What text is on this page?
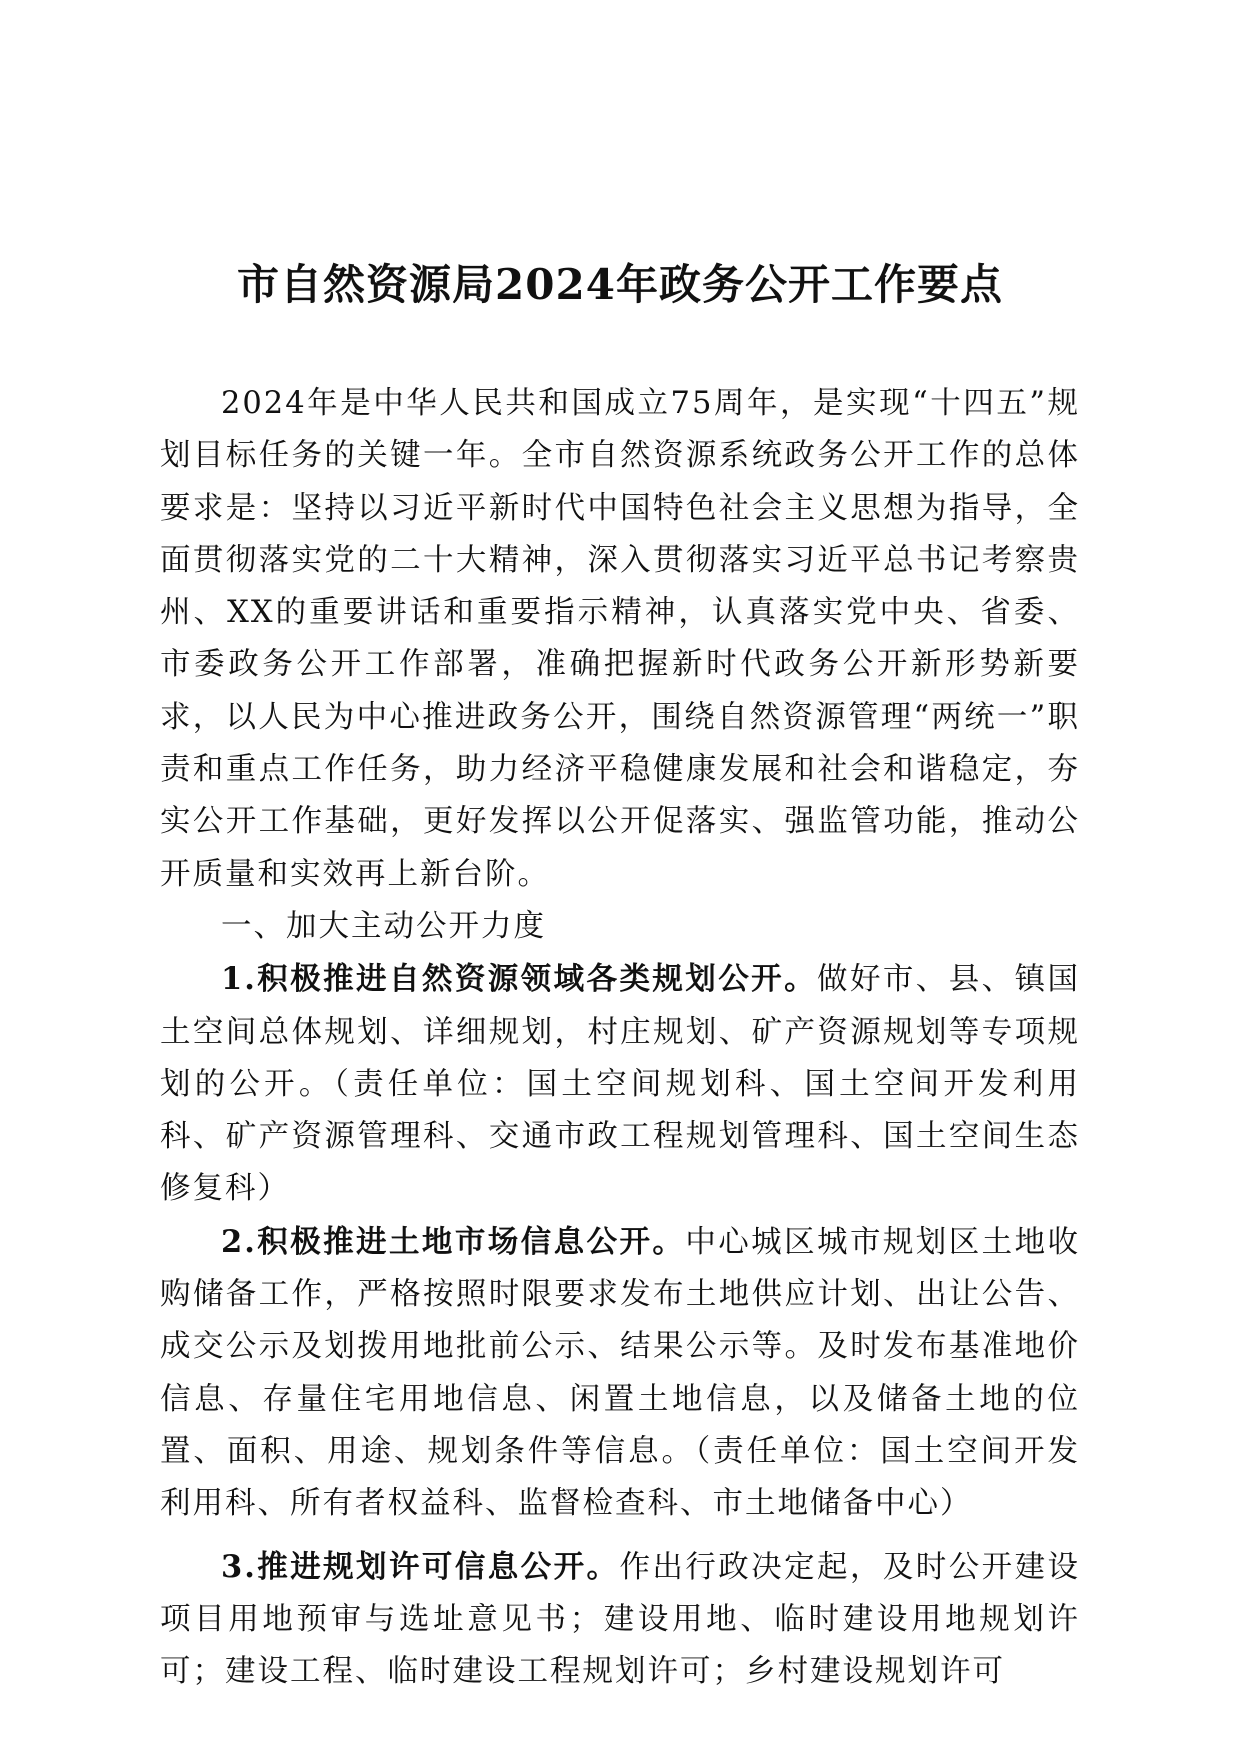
市自然资源局2024年政务公开工作要点

2024年是中华人民共和国成立75周年，是实现“十四五”规划目标任务的关键一年。全市自然资源系统政务公开工作的总体要求是：坚持以习近平新时代中国特色社会主义思想为指导，全面贯彻落实党的二十大精神，深入贯彻落实习近平总书记考察贵州、XX的重要讲话和重要指示精神，认真落实党中央、省委、市委政务公开工作部署，准确把握新时代政务公开新形势新要求，以人民为中心推进政务公开，围绕自然资源管理“两统一”职责和重点工作任务，助力经济平稳健康发展和社会和谐稳定，夯实公开工作基础，更好发挥以公开促落实、强监管功能，推动公开质量和实效再上新台阶。

一、加大主动公开力度

1.积极推进自然资源领域各类规划公开。做好市、县、镇国土空间总体规划、详细规划，村庄规划、矿产资源规划等专项规划的公开。（责任单位：国土空间规划科、国土空间开发利用科、矿产资源管理科、交通市政工程规划管理科、国土空间生态修复科）

2.积极推进土地市场信息公开。中心城区城市规划区土地收购储备工作，严格按照时限要求发布土地供应计划、出让公告、成交公示及划拨用地批前公示、结果公示等。及时发布基准地价信息、存量住宅用地信息、闲置土地信息，以及储备土地的位置、面积、用途、规划条件等信息。（责任单位：国土空间开发利用科、所有者权益科、监督检查科、市土地储备中心）

3.推进规划许可信息公开。作出行政决定起，及时公开建设项目用地预审与选址意见书；建设用地、临时建设用地规划许可；建设工程、临时建设工程规划许可；乡村建设规划许可
